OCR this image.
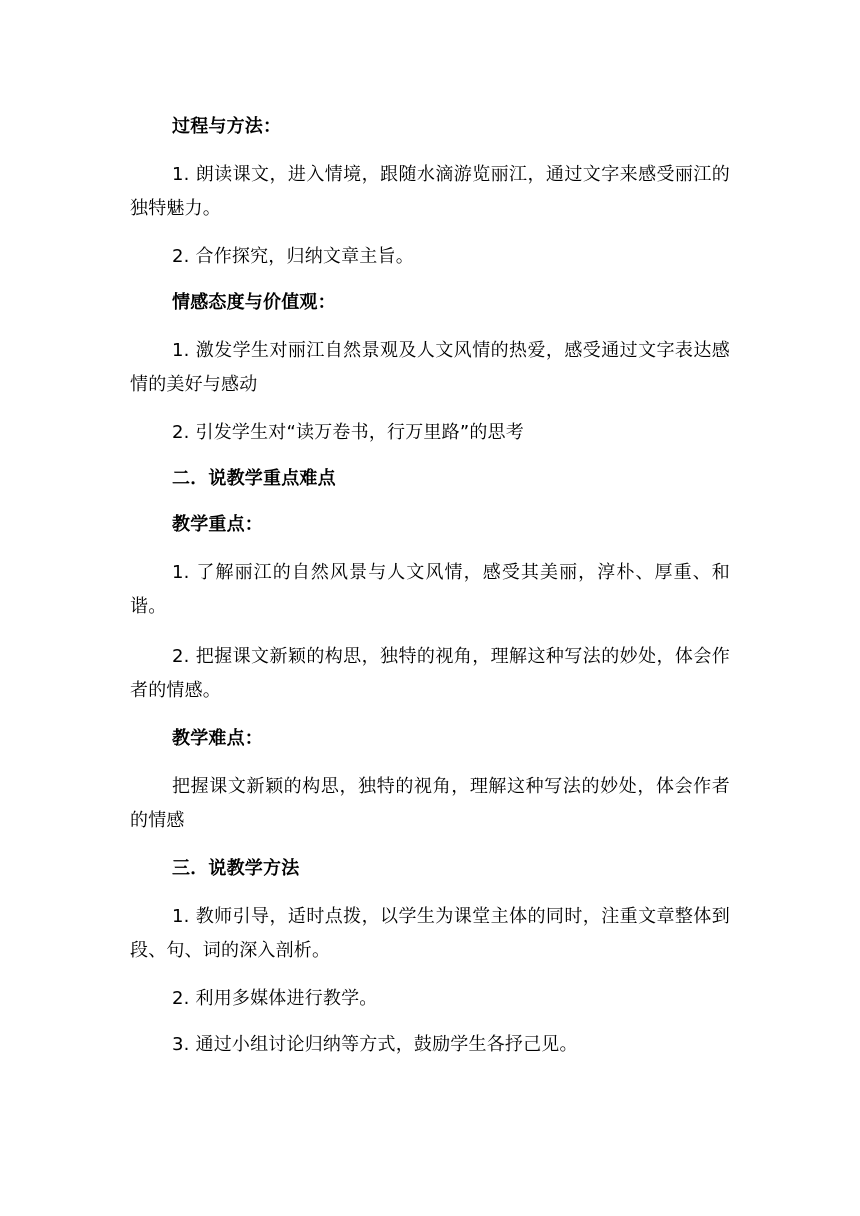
过程与方法：

1. 朗读课文，进入情境，跟随水滴游览丽江，通过文字来感受丽江的独特魅力。

2. 合作探究，归纳文章主旨。

情感态度与价值观：

1. 激发学生对丽江自然景观及人文风情的热爱，感受通过文字表达感情的美好与感动

2. 引发学生对“读万卷书，行万里路”的思考

二．说教学重点难点

教学重点：

1. 了解丽江的自然风景与人文风情，感受其美丽，淳朴、厚重、和谐。

2. 把握课文新颖的构思，独特的视角，理解这种写法的妙处，体会作者的情感。

教学难点：

把握课文新颖的构思，独特的视角，理解这种写法的妙处，体会作者的情感

三．说教学方法

1. 教师引导，适时点拨，以学生为课堂主体的同时，注重文章整体到段、句、词的深入剖析。

2. 利用多媒体进行教学。

3. 通过小组讨论归纳等方式，鼓励学生各抒己见。
